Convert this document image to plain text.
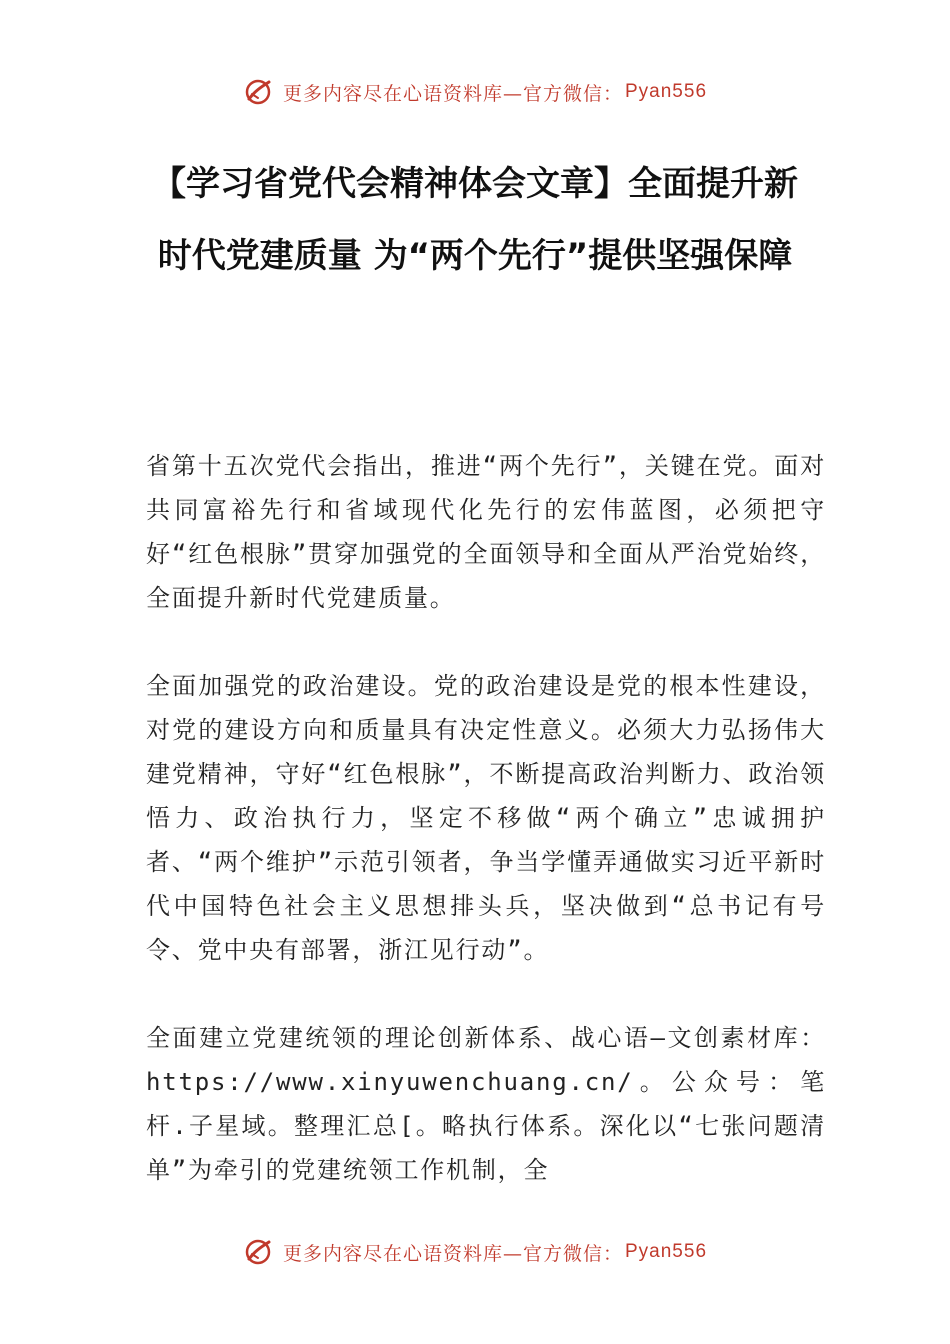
更多内容尽在心语资料库—官方微信： Pyan556
【学习省党代会精神体会文章】全面提升新时代党建质量 为“两个先行”提供坚强保障

省第十五次党代会指出，推进“两个先行”，关键在党。面对共同富裕先行和省域现代化先行的宏伟蓝图，必须把守好“红色根脉”贯穿加强党的全面领导和全面从严治党始终，全面提升新时代党建质量。

全面加强党的政治建设。党的政治建设是党的根本性建设，对党的建设方向和质量具有决定性意义。必须大力弘扬伟大建党精神，守好“红色根脉”，不断提高政治判断力、政治领悟力、政治执行力，坚定不移做“两个确立”忠诚拥护者、“两个维护”示范引领者，争当学懂弄通做实习近平新时代中国特色社会主义思想排头兵，坚决做到“总书记有号令、党中央有部署，浙江见行动”。

全面建立党建统领的理论创新体系、战心语—文创素材库：https://www.xinyuwenchuang.cn/。公众号：笔杆.子星域。整理汇总[。略执行体系。深化以“七张问题清单”为牵引的党建统领工作机制，全

更多内容尽在心语资料库—官方微信： Pyan556
